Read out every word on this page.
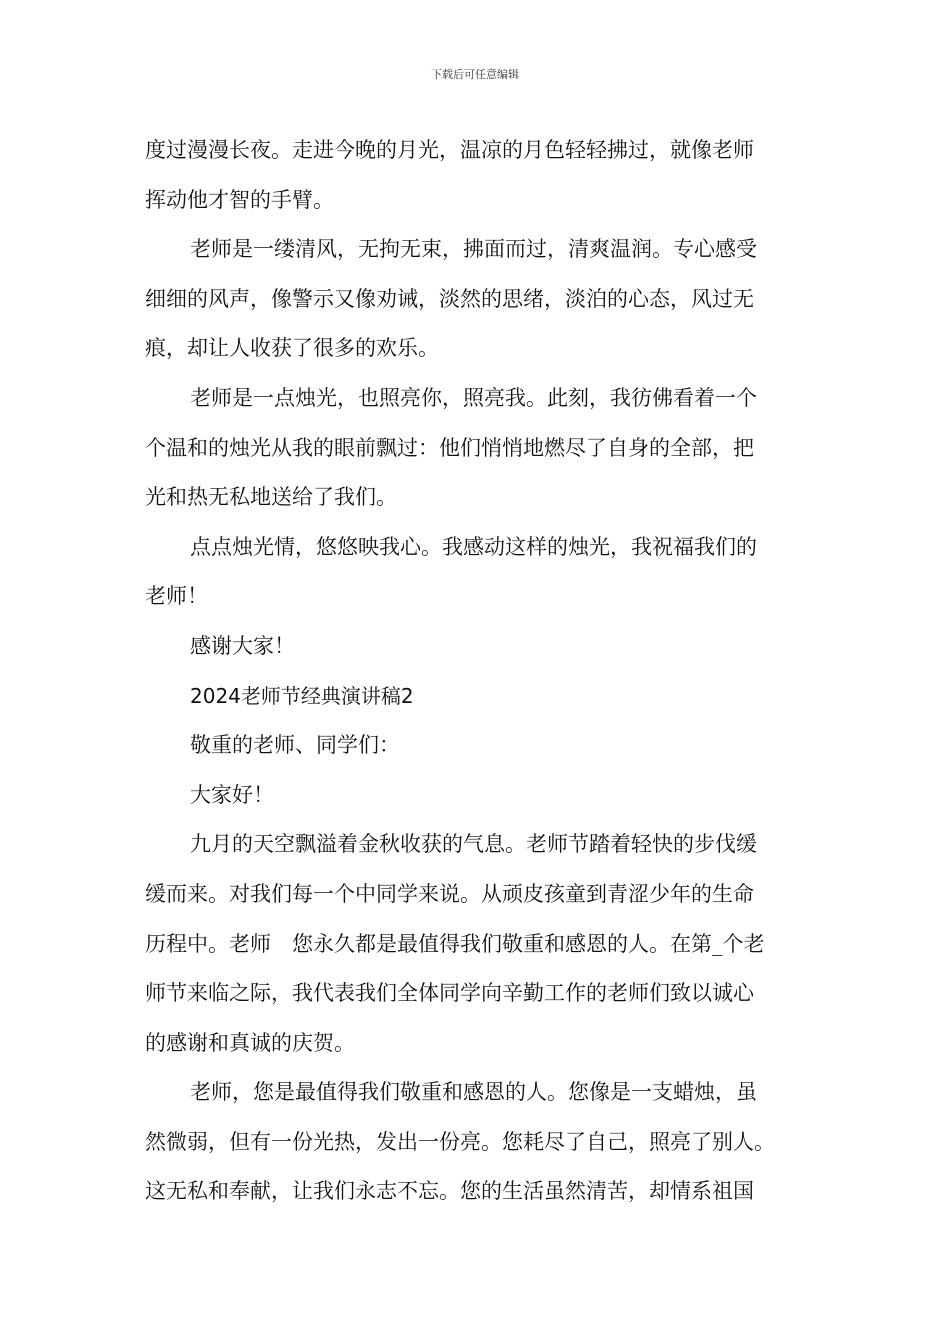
下载后可任意编辑
度过漫漫长夜。走进今晚的月光，温凉的月色轻轻拂过，就像老师
挥动他才智的手臂。
老师是一缕清风，无拘无束，拂面而过，清爽温润。专心感受
细细的风声，像警示又像劝诫，淡然的思绪，淡泊的心态，风过无
痕，却让人收获了很多的欢乐。
老师是一点烛光，也照亮你，照亮我。此刻，我彷佛看着一个
个温和的烛光从我的眼前飘过：他们悄悄地燃尽了自身的全部，把
光和热无私地送给了我们。
点点烛光情，悠悠映我心。我感动这样的烛光，我祝福我们的
老师！
感谢大家！
2024老师节经典演讲稿2
敬重的老师、同学们：
大家好！
九月的天空飘溢着金秋收获的气息。老师节踏着轻快的步伐缓
缓而来。对我们每一个中同学来说。从顽皮孩童到青涩少年的生命
历程中。老师　您永久都是最值得我们敬重和感恩的人。在第_个老
师节来临之际，我代表我们全体同学向辛勤工作的老师们致以诚心
的感谢和真诚的庆贺。
老师，您是最值得我们敬重和感恩的人。您像是一支蜡烛，虽
然微弱，但有一份光热，发出一份亮。您耗尽了自己，照亮了别人。
这无私和奉献，让我们永志不忘。您的生活虽然清苦，却情系祖国
